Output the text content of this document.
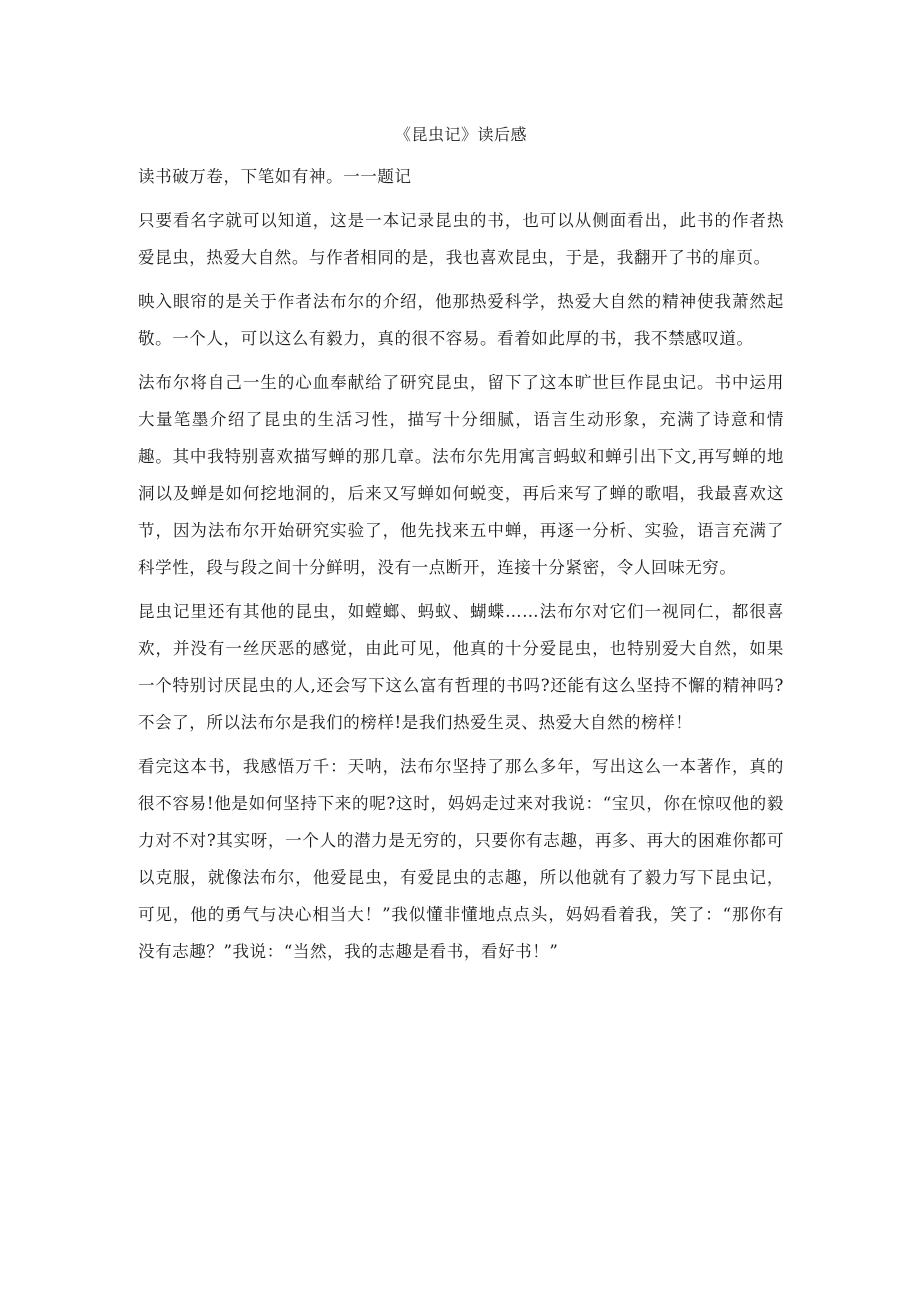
《昆虫记》读后感

读书破万卷，下笔如有神。一一题记

只要看名字就可以知道，这是一本记录昆虫的书，也可以从侧面看出，此书的作者热爱昆虫，热爱大自然。与作者相同的是，我也喜欢昆虫，于是，我翻开了书的扉页。

映入眼帘的是关于作者法布尔的介绍，他那热爱科学，热爱大自然的精神使我萧然起敬。一个人，可以这么有毅力，真的很不容易。看着如此厚的书，我不禁感叹道。

法布尔将自己一生的心血奉献给了研究昆虫，留下了这本旷世巨作昆虫记。书中运用大量笔墨介绍了昆虫的生活习性，描写十分细腻，语言生动形象，充满了诗意和情趣。其中我特别喜欢描写蝉的那几章。法布尔先用寓言蚂蚁和蝉引出下文,再写蝉的地洞以及蝉是如何挖地洞的，后来又写蝉如何蜕变，再后来写了蝉的歌唱，我最喜欢这节，因为法布尔开始研究实验了，他先找来五中蝉，再逐一分析、实验，语言充满了科学性，段与段之间十分鲜明，没有一点断开，连接十分紧密，令人回味无穷。

昆虫记里还有其他的昆虫，如螳螂、蚂蚁、蝴蝶……法布尔对它们一视同仁，都很喜欢，并没有一丝厌恶的感觉，由此可见，他真的十分爱昆虫，也特别爱大自然，如果一个特别讨厌昆虫的人,还会写下这么富有哲理的书吗?还能有这么坚持不懈的精神吗?不会了，所以法布尔是我们的榜样!是我们热爱生灵、热爱大自然的榜样！

看完这本书，我感悟万千：天呐，法布尔坚持了那么多年，写出这么一本著作，真的很不容易!他是如何坚持下来的呢?这时，妈妈走过来对我说：“宝贝，你在惊叹他的毅力对不对?其实呀，一个人的潜力是无穷的，只要你有志趣，再多、再大的困难你都可以克服，就像法布尔，他爱昆虫，有爱昆虫的志趣，所以他就有了毅力写下昆虫记，可见，他的勇气与决心相当大！”我似懂非懂地点点头，妈妈看着我，笑了：“那你有没有志趣？”我说：“当然，我的志趣是看书，看好书！”
